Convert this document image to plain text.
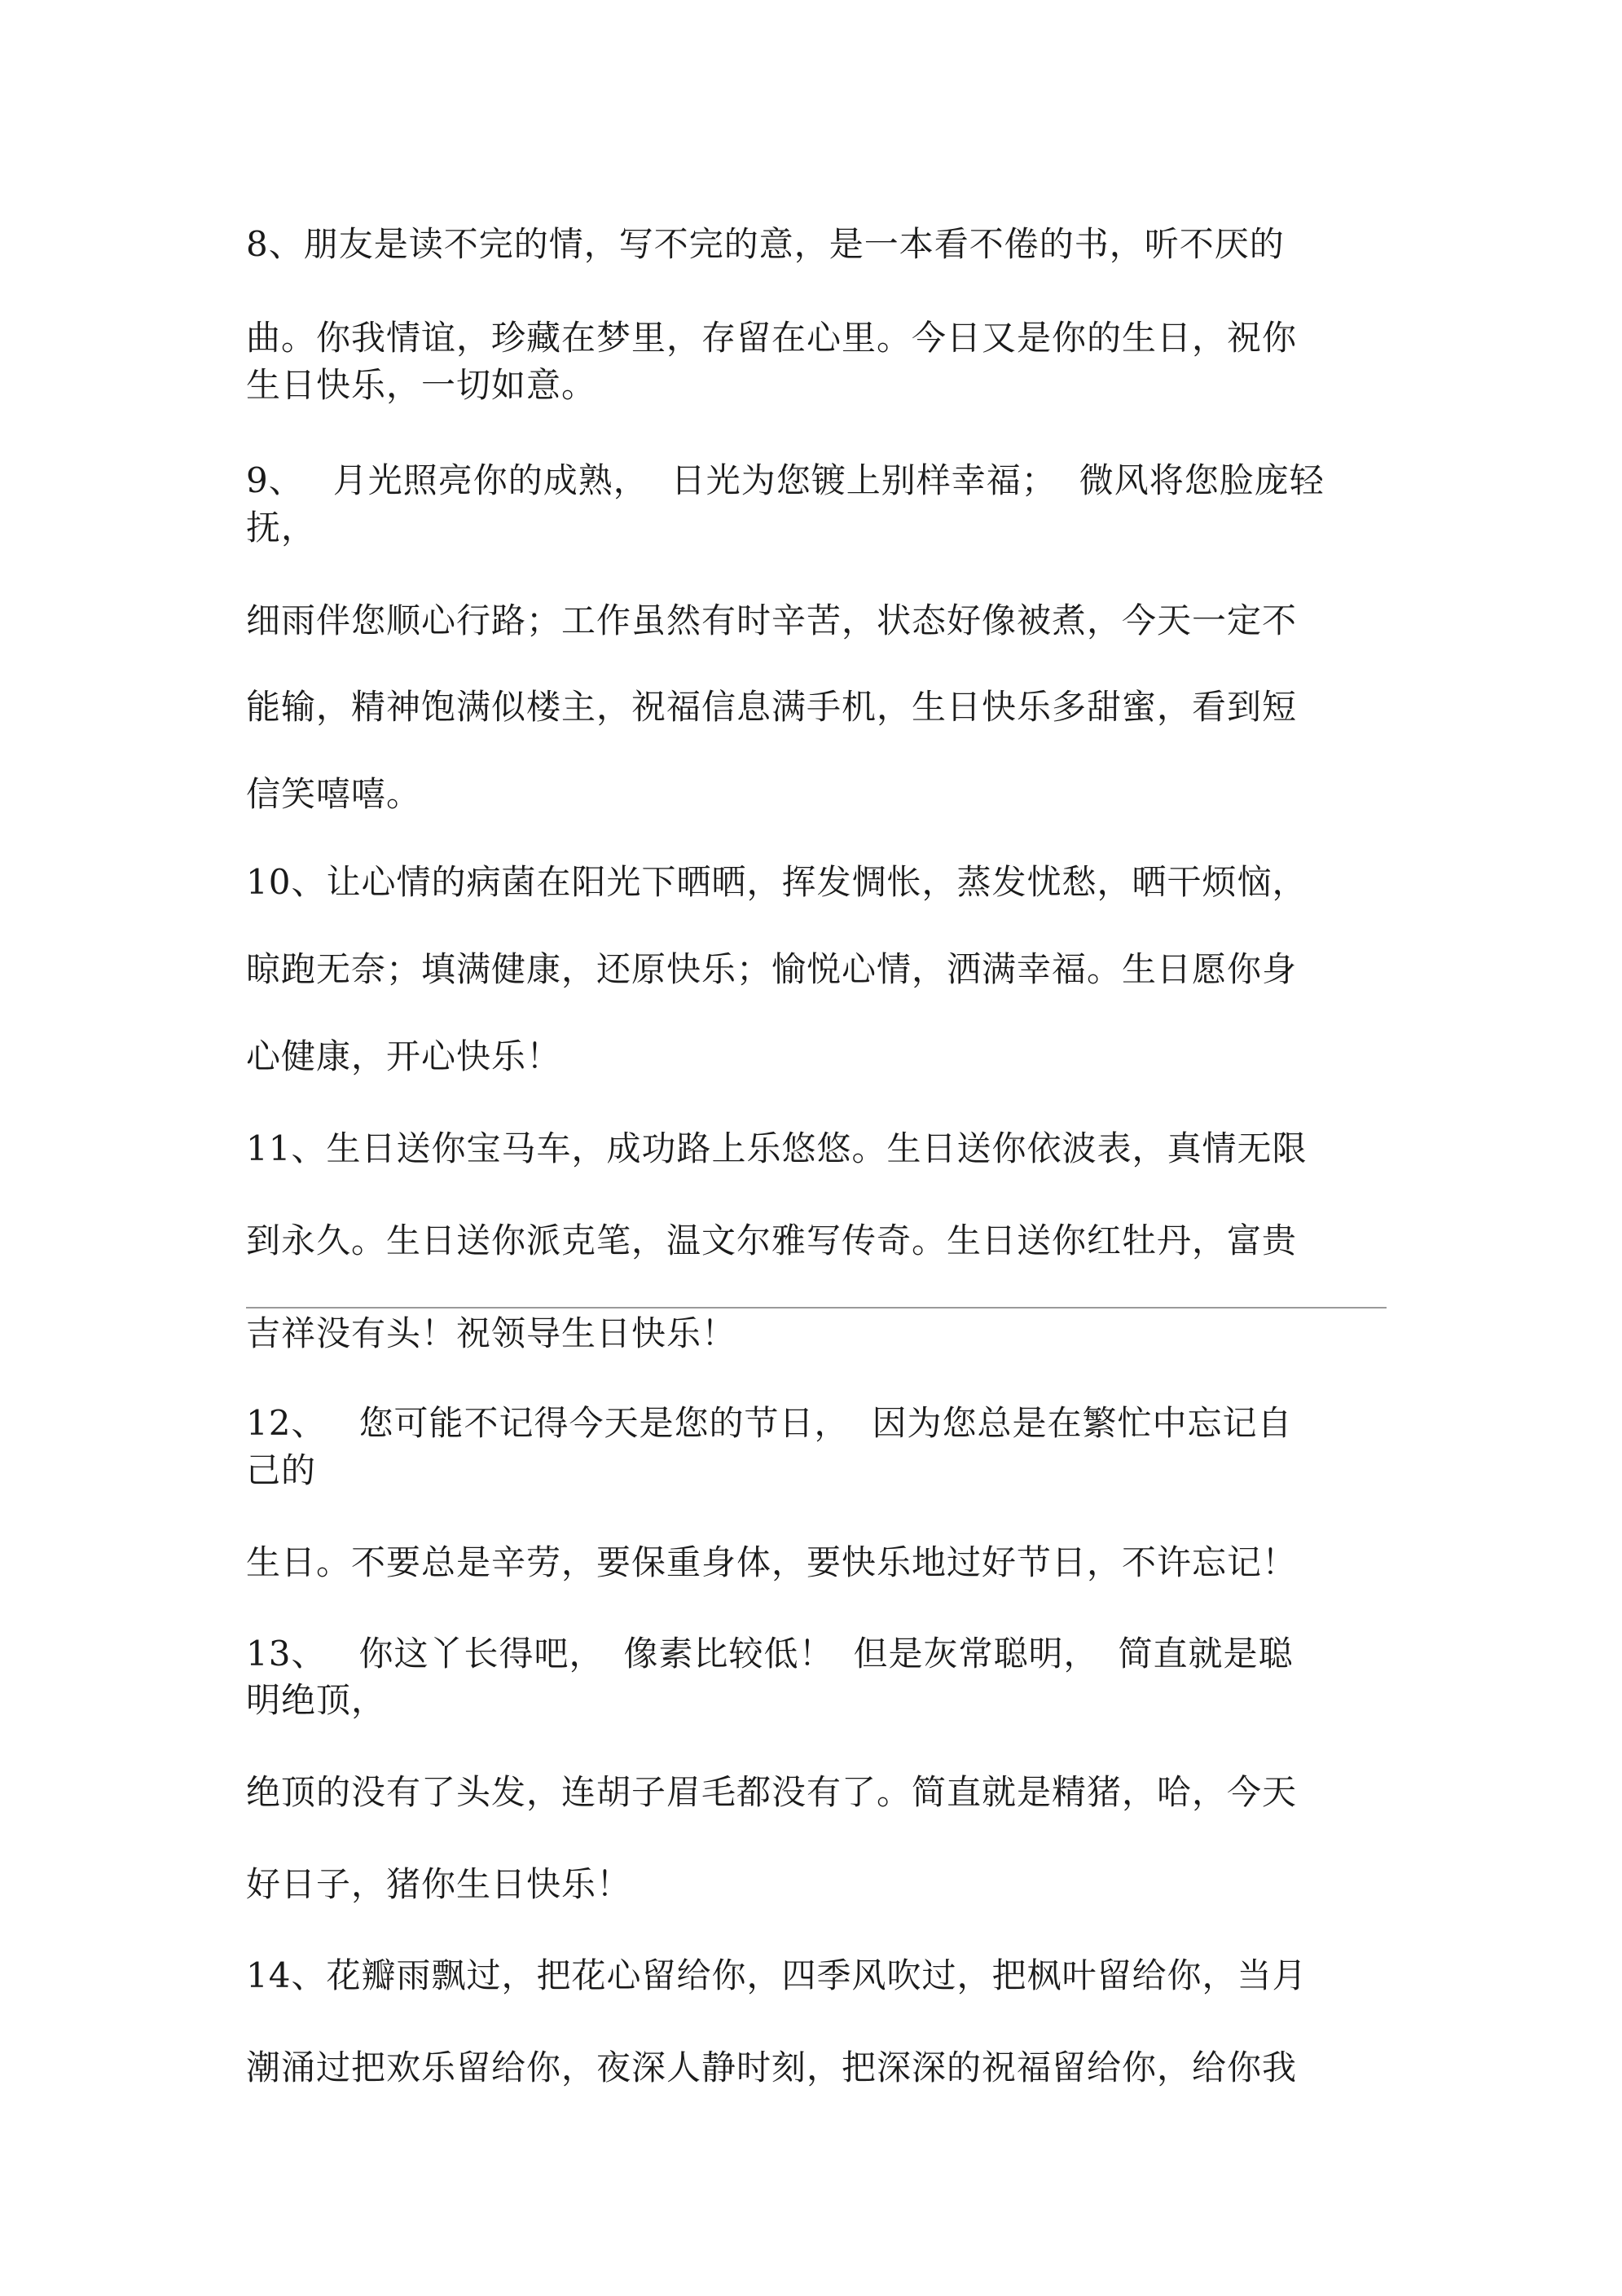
8、朋友是读不完的情，写不完的意，是一本看不倦的书，听不厌的
曲。你我情谊，珍藏在梦里，存留在心里。今日又是你的生日，祝你
生日快乐，一切如意。
9、 月光照亮你的成熟， 日光为您镀上别样幸福； 微风将您脸庞轻
抚，
细雨伴您顺心行路；工作虽然有时辛苦，状态好像被煮，今天一定不
能输，精神饱满似楼主，祝福信息满手机，生日快乐多甜蜜，看到短
信笑嘻嘻。
10、让心情的病菌在阳光下晒晒，挥发惆怅，蒸发忧愁，晒干烦恼，
晾跑无奈；填满健康，还原快乐；愉悦心情，洒满幸福。生日愿你身
心健康，开心快乐！
11、生日送你宝马车，成功路上乐悠悠。生日送你依波表，真情无限
到永久。生日送你派克笔，温文尔雅写传奇。生日送你红牡丹，富贵
吉祥没有头！祝领导生日快乐！
12、 您可能不记得今天是您的节日， 因为您总是在繁忙中忘记自
己的
生日。不要总是辛劳，要保重身体，要快乐地过好节日，不许忘记！
13、 你这丫长得吧， 像素比较低！ 但是灰常聪明， 简直就是聪
明绝顶，
绝顶的没有了头发，连胡子眉毛都没有了。简直就是精猪，哈，今天
好日子，猪你生日快乐！
14、花瓣雨飘过，把花心留给你，四季风吹过，把枫叶留给你，当月
潮涌过把欢乐留给你，夜深人静时刻，把深深的祝福留给你，给你我
